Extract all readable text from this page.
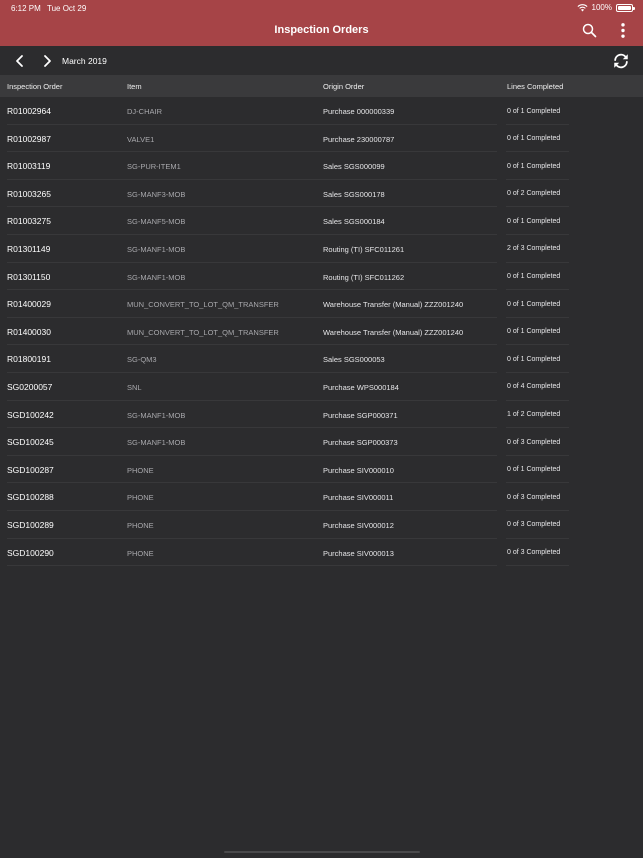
6:12 PM Tue Oct 29	100%
Inspection Orders
March 2019
Inspection Order	Item	Origin Order	Lines Completed
R01002964	DJ-CHAIR	Purchase 000000339	0 of 1 Completed
R01002987	VALVE1	Purchase 230000787	0 of 1 Completed
R01003119	SG-PUR-ITEM1	Sales SGS000099	0 of 1 Completed
R01003265	SG-MANF3-MOB	Sales SGS000178	0 of 2 Completed
R01003275	SG-MANF5-MOB	Sales SGS000184	0 of 1 Completed
R01301149	SG-MANF1-MOB	Routing (TI) SFC011261	2 of 3 Completed
R01301150	SG-MANF1-MOB	Routing (TI) SFC011262	0 of 1 Completed
R01400029	MUN_CONVERT_TO_LOT_QM_TRANSFER	Warehouse Transfer (Manual) ZZZ001240	0 of 1 Completed
R01400030	MUN_CONVERT_TO_LOT_QM_TRANSFER	Warehouse Transfer (Manual) ZZZ001240	0 of 1 Completed
R01800191	SG-QM3	Sales SGS000053	0 of 1 Completed
SG0200057	SNL	Purchase WPS000184	0 of 4 Completed
SGD100242	SG-MANF1-MOB	Purchase SGP000371	1 of 2 Completed
SGD100245	SG-MANF1-MOB	Purchase SGP000373	0 of 3 Completed
SGD100287	PHONE	Purchase SIV000010	0 of 1 Completed
SGD100288	PHONE	Purchase SIV000011	0 of 3 Completed
SGD100289	PHONE	Purchase SIV000012	0 of 3 Completed
SGD100290	PHONE	Purchase SIV000013	0 of 3 Completed
